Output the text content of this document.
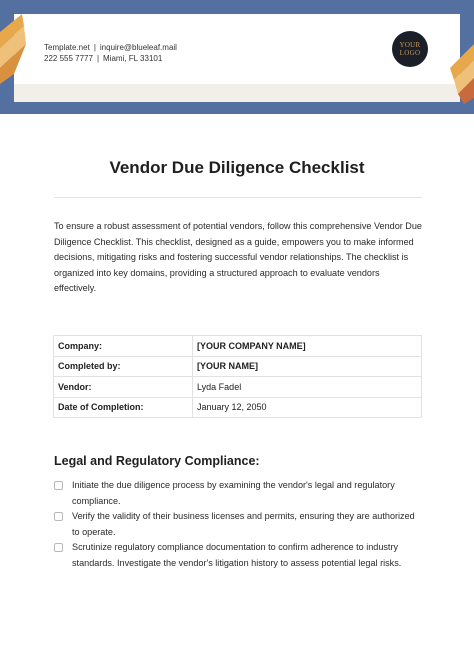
Template.net | inquire@blueleaf.mail
222 555 7777 | Miami, FL 33101
YOUR LOGO
Vendor Due Diligence Checklist
To ensure a robust assessment of potential vendors, follow this comprehensive Vendor Due Diligence Checklist. This checklist, designed as a guide, empowers you to make informed decisions, mitigating risks and fostering successful vendor relationships. The checklist is organized into key domains, providing a structured approach to evaluate vendors effectively.
Company:	[YOUR COMPANY NAME]
Completed by:	[YOUR NAME]
Vendor:	Lyda Fadel
Date of Completion:	January 12, 2050
Legal and Regulatory Compliance:
Initiate the due diligence process by examining the vendor's legal and regulatory compliance.
Verify the validity of their business licenses and permits, ensuring they are authorized to operate.
Scrutinize regulatory compliance documentation to confirm adherence to industry standards. Investigate the vendor's litigation history to assess potential legal risks.
